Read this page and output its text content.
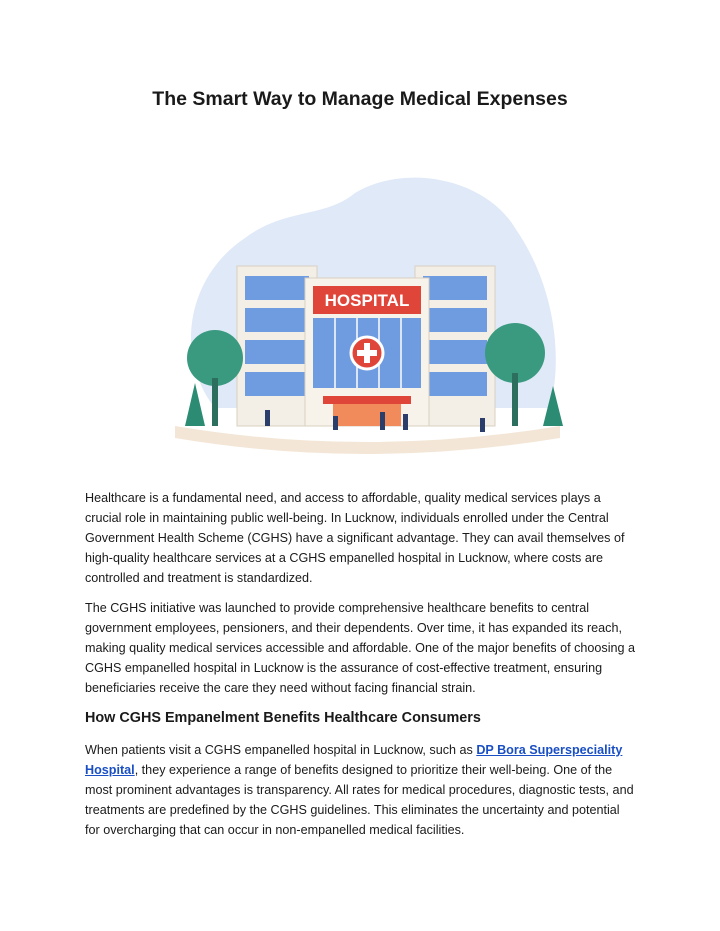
The Smart Way to Manage Medical Expenses
HOSPITAL

Healthcare is a fundamental need, and access to affordable, quality medical services plays a crucial role in maintaining public well-being. In Lucknow, individuals enrolled under the Central Government Health Scheme (CGHS) have a significant advantage. They can avail themselves of high-quality healthcare services at a CGHS empanelled hospital in Lucknow, where costs are controlled and treatment is standardized.

The CGHS initiative was launched to provide comprehensive healthcare benefits to central government employees, pensioners, and their dependents. Over time, it has expanded its reach, making quality medical services accessible and affordable. One of the major benefits of choosing a CGHS empanelled hospital in Lucknow is the assurance of cost-effective treatment, ensuring beneficiaries receive the care they need without facing financial strain.

How CGHS Empanelment Benefits Healthcare Consumers

When patients visit a CGHS empanelled hospital in Lucknow, such as DP Bora Superspeciality Hospital, they experience a range of benefits designed to prioritize their well-being. One of the most prominent advantages is transparency. All rates for medical procedures, diagnostic tests, and treatments are predefined by the CGHS guidelines. This eliminates the uncertainty and potential for overcharging that can occur in non-empanelled medical facilities.
